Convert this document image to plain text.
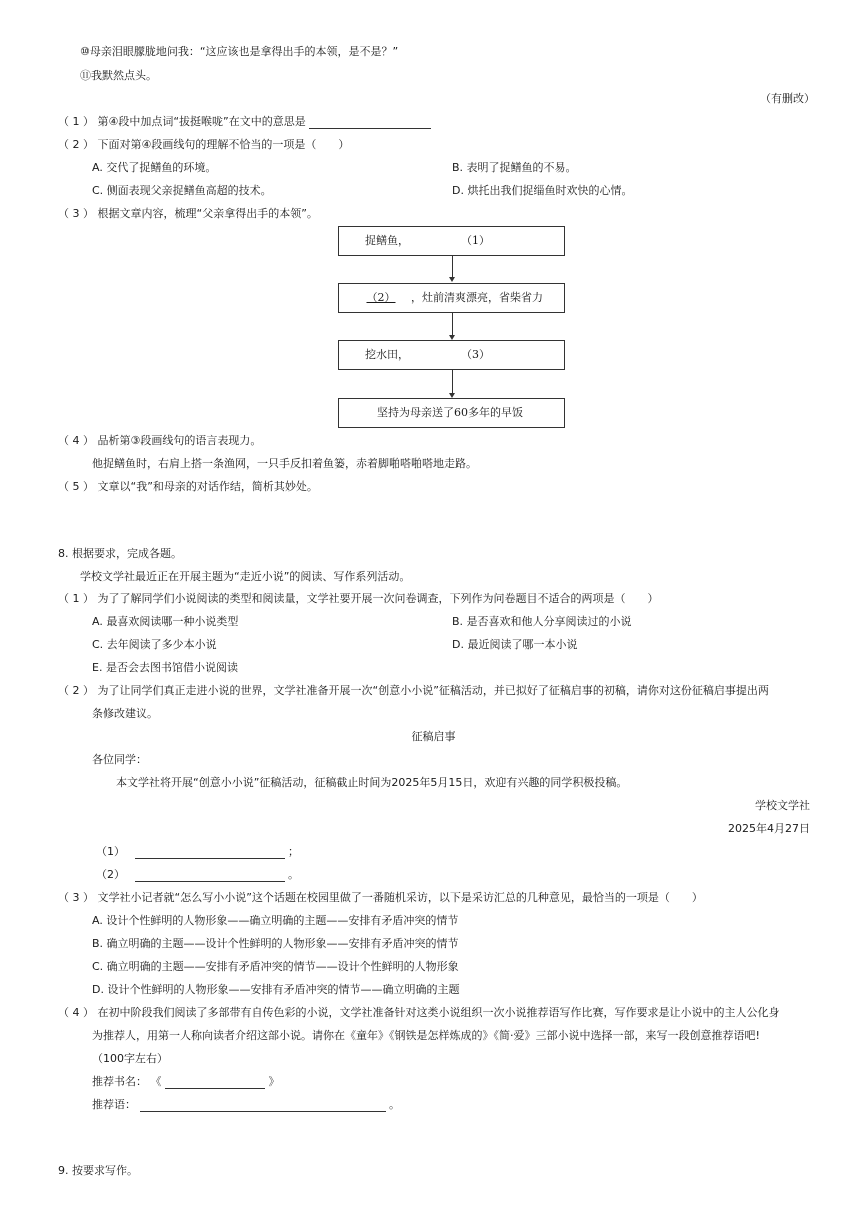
⑩母亲泪眼朦胧地问我：“这应该也是拿得出手的本领，是不是？”
⑪我默然点头。
（有删改）
（ 1 ） 第④段中加点词“拔挺喉咙”在文中的意思是
（ 2 ） 下面对第④段画线句的理解不恰当的一项是（　　）
A. 交代了捉鳝鱼的环境。	B. 表明了捉鳝鱼的不易。
C. 侧面表现父亲捉鳝鱼高超的技术。	D. 烘托出我们捉缁鱼时欢快的心情。
（ 3 ） 根据文章内容，梳理“父亲拿得出手的本领”。
捉鳝鱼，	（1）
（2）	，灶前清爽漂亮，省柴省力
挖水田，	（3）
坚持为母亲送了60多年的早饭
（ 4 ） 品析第③段画线句的语言表现力。
他捉鳝鱼时，右肩上搭一条渔网，一只手反扣着鱼篓，赤着脚啪嗒啪嗒地走路。
（ 5 ） 文章以“我”和母亲的对话作结，简析其妙处。
8. 根据要求，完成各题。
学校文学社最近正在开展主题为“走近小说”的阅读、写作系列活动。
（ 1 ） 为了了解同学们小说阅读的类型和阅读量，文学社要开展一次问卷调查，下列作为问卷题目不适合的两项是（　　）
A. 最喜欢阅读哪一种小说类型	B. 是否喜欢和他人分享阅读过的小说
C. 去年阅读了多少本小说	D. 最近阅读了哪一本小说
E. 是否会去图书馆借小说阅读
（ 2 ） 为了让同学们真正走进小说的世界，文学社准备开展一次“创意小小说”征稿活动，并已拟好了征稿启事的初稿，请你对这份征稿启事提出两
条修改建议。
征稿启事
各位同学：
本文学社将开展“创意小小说”征稿活动，征稿截止时间为2025年5月15日，欢迎有兴趣的同学积极投稿。
学校文学社
2025年4月27日
（1）	；
（2）	。
（ 3 ） 文学社小记者就“怎么写小小说”这个话题在校园里做了一番随机采访，以下是采访汇总的几种意见，最恰当的一项是（　　）
A. 设计个性鲜明的人物形象——确立明确的主题——安排有矛盾冲突的情节
B. 确立明确的主题——设计个性鲜明的人物形象——安排有矛盾冲突的情节
C. 确立明确的主题——安排有矛盾冲突的情节——设计个性鲜明的人物形象
D. 设计个性鲜明的人物形象——安排有矛盾冲突的情节——确立明确的主题
（ 4 ） 在初中阶段我们阅读了多部带有自传色彩的小说，文学社准备针对这类小说组织一次小说推荐语写作比赛，写作要求是让小说中的主人公化身
为推荐人，用第一人称向读者介绍这部小说。请你在《童年》《钢铁是怎样炼成的》《简·爱》三部小说中选择一部，来写一段创意推荐语吧!
（100字左右）
推荐书名： 《	》
推荐语：	。
9. 按要求写作。
